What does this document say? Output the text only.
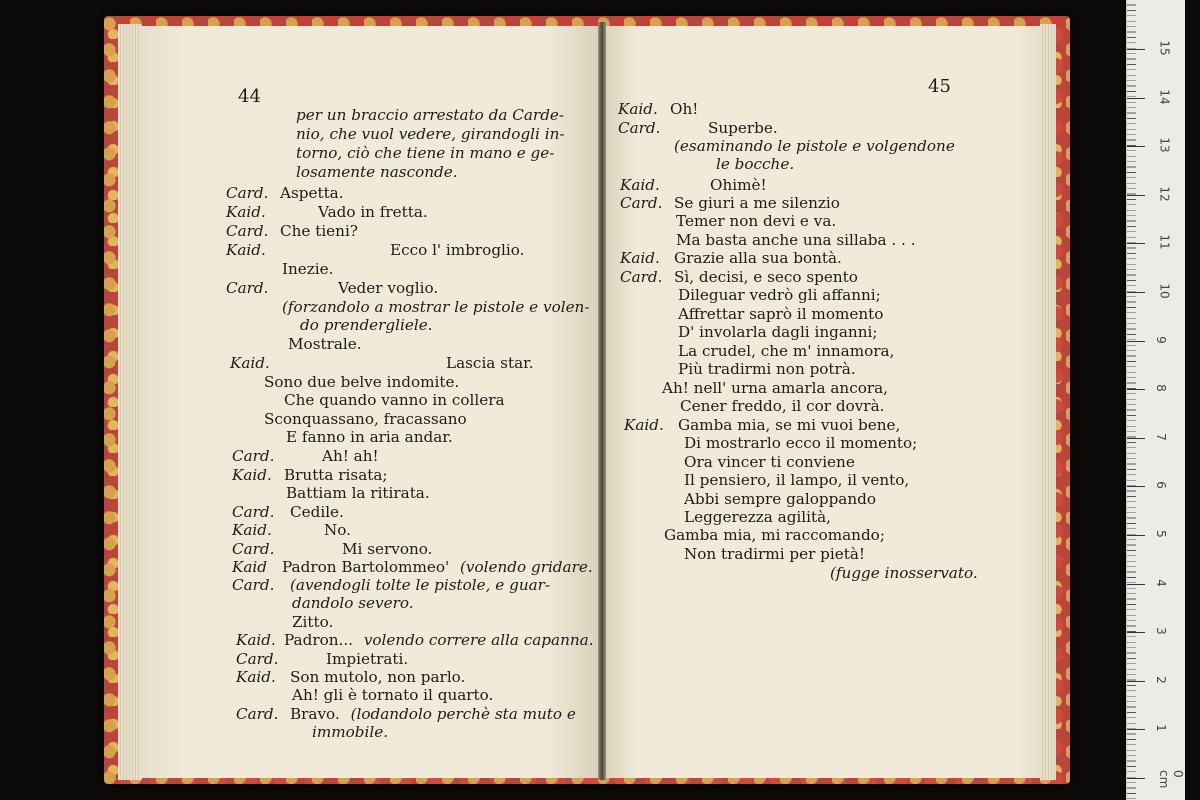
44	45
per un braccio arrestato da Carde-
nio, che vuol vedere, girandogli in-
torno, ciò che tiene in mano e ge-
losamente nasconde.
Card. Aspetta.
Kaid.	Vado in fretta.
Card. Che tieni?
Kaid.	Ecco l' imbroglio.
Inezie.
Card.	Veder voglio.
(forzandolo a mostrar le pistole e volen-
do prendergliele.
Mostrale.
Kaid.	Lascia star.
Sono due belve indomite.
Che quando vanno in collera
Sconquassano, fracassano
E fanno in aria andar.
Card.	Ah! ah!
Kaid. Brutta risata;
Battiam la ritirata.
Card. Cedile.
Kaid.	No.
Card.	Mi servono.
Kaid Padron Bartolommeo' (volendo gridare.
Card. (avendogli tolte le pistole, e guar-
dandolo severo.
Zitto.
Kaid. Padron... volendo correre alla capanna.
Card.	Impietrati.
Kaid. Son mutolo, non parlo.
Ah! gli è tornato il quarto.
Card. Bravo. (lodandolo perchè sta muto e
immobile.
Kaid. Oh!
Card.	Superbe.
(esaminando le pistole e volgendone
le bocche.
Kaid.	Ohimè!
Card. Se giuri a me silenzio
Temer non devi e va.
Ma basta anche una sillaba . . .
Kaid. Grazie alla sua bontà.
Card. Sì, decisi, e seco spento
Dileguar vedrò gli affanni;
Affrettar saprò il momento
D' involarla dagli inganni;
La crudel, che m' innamora,
Più tradirmi non potrà.
Ah! nell' urna amarla ancora,
Cener freddo, il cor dovrà.
Kaid. Gamba mia, se mi vuoi bene,
Di mostrarlo ecco il momento;
Ora vincer ti conviene
Il pensiero, il lampo, il vento,
Abbi sempre galoppando
Leggerezza agilità,
Gamba mia, mi raccomando;
Non tradirmi per pietà!
(fugge inosservato.
0 cm
1
2
3
4
5
6
7
8
9
10
11
12
13
14
15
